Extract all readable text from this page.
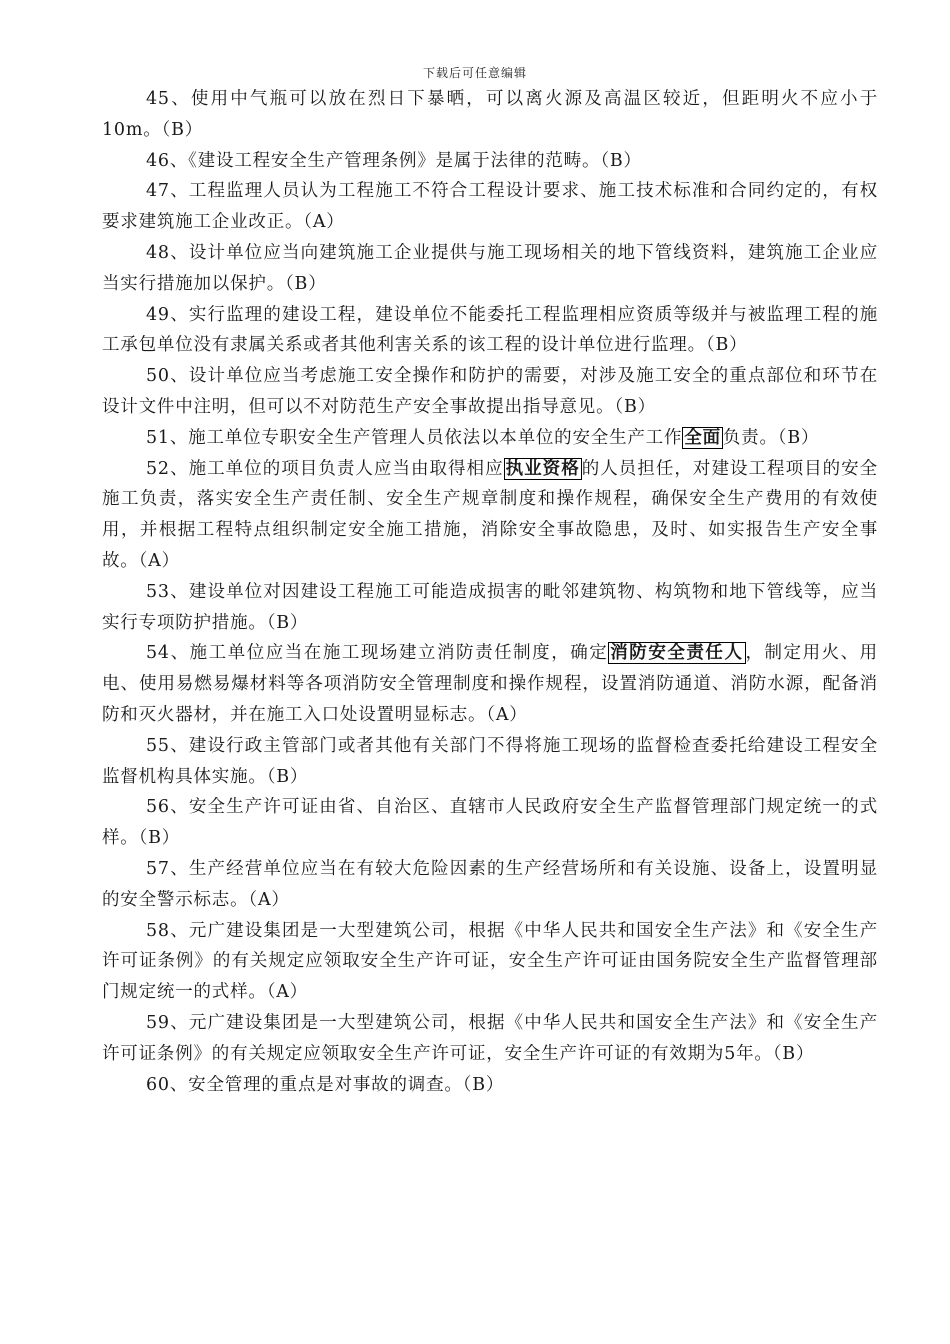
下载后可任意编辑

45、使用中气瓶可以放在烈日下暴晒，可以离火源及高温区较近，但距明火不应小于10m。（B）

46、《建设工程安全生产管理条例》是属于法律的范畴。（B）

47、工程监理人员认为工程施工不符合工程设计要求、施工技术标准和合同约定的，有权要求建筑施工企业改正。（A）

48、设计单位应当向建筑施工企业提供与施工现场相关的地下管线资料，建筑施工企业应当实行措施加以保护。（B）

49、实行监理的建设工程，建设单位不能委托工程监理相应资质等级并与被监理工程的施工承包单位没有隶属关系或者其他利害关系的该工程的设计单位进行监理。（B）

50、设计单位应当考虑施工安全操作和防护的需要，对涉及施工安全的重点部位和环节在设计文件中注明，但可以不对防范生产安全事故提出指导意见。（B）

51、施工单位专职安全生产管理人员依法以本单位的安全生产工作 全面 负责。（B）

52、施工单位的项目负责人应当由取得相应 执业资格 的人员担任，对建设工程项目的安全施工负责，落实安全生产责任制、安全生产规章制度和操作规程，确保安全生产费用的有效使用，并根据工程特点组织制定安全施工措施，消除安全事故隐患，及时、如实报告生产安全事故。（A）

53、建设单位对因建设工程施工可能造成损害的毗邻建筑物、构筑物和地下管线等，应当实行专项防护措施。（B）

54、施工单位应当在施工现场建立消防责任制度，确定 消防安全责任人 ，制定用火、用电、使用易燃易爆材料等各项消防安全管理制度和操作规程，设置消防通道、消防水源，配备消防和灭火器材，并在施工入口处设置明显标志。（A）

55、建设行政主管部门或者其他有关部门不得将施工现场的监督检查委托给建设工程安全监督机构具体实施。（B）

56、安全生产许可证由省、自治区、直辖市人民政府安全生产监督管理部门规定统一的式样。（B）

57、生产经营单位应当在有较大危险因素的生产经营场所和有关设施、设备上，设置明显的安全警示标志。（A）

58、元广建设集团是一大型建筑公司，根据《中华人民共和国安全生产法》和《安全生产许可证条例》的有关规定应领取安全生产许可证，安全生产许可证由国务院安全生产监督管理部门规定统一的式样。（A）

59、元广建设集团是一大型建筑公司，根据《中华人民共和国安全生产法》和《安全生产许可证条例》的有关规定应领取安全生产许可证，安全生产许可证的有效期为5年。（B）

60、安全管理的重点是对事故的调查。（B）
